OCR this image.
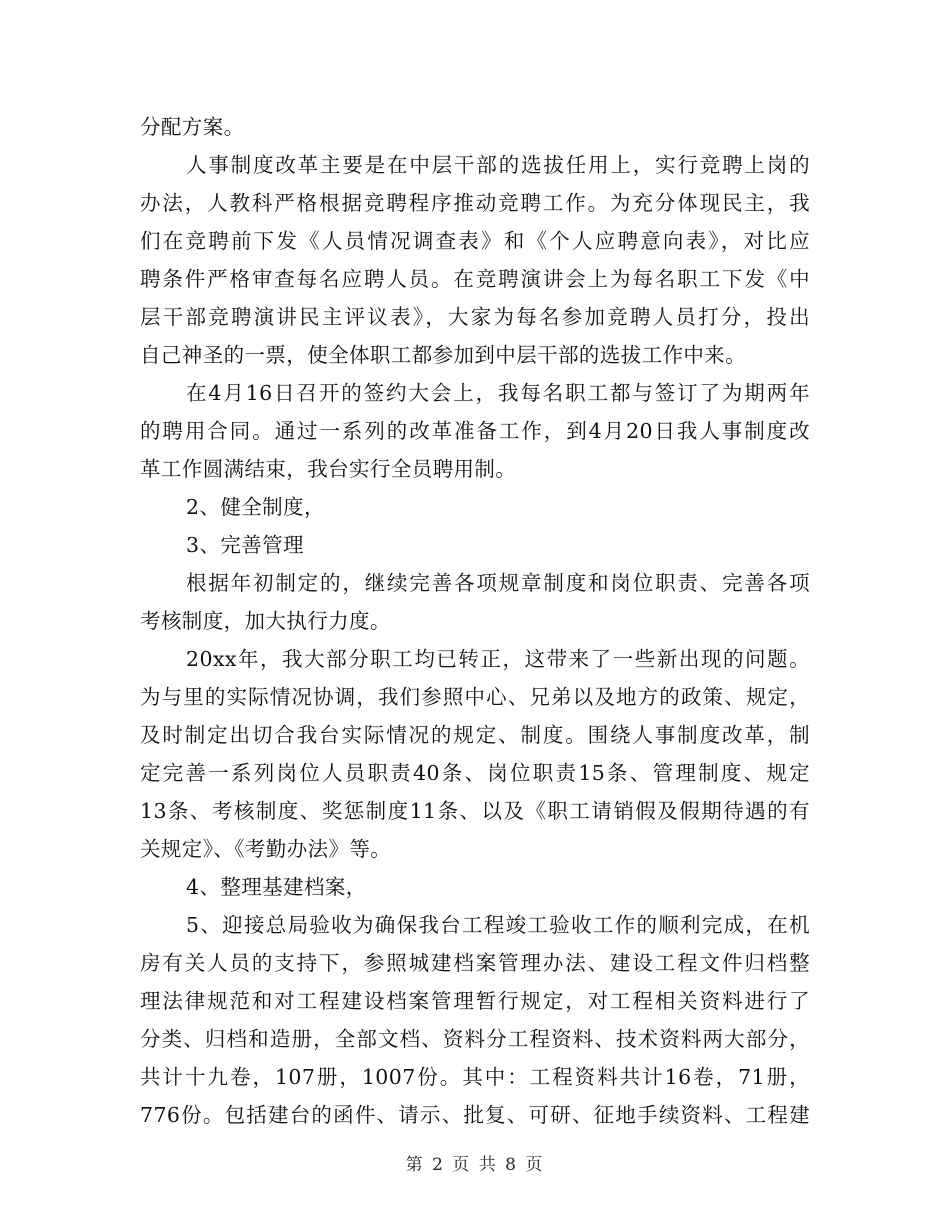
分配方案。
人事制度改革主要是在中层干部的选拔任用上，实行竞聘上岗的
办法，人教科严格根据竞聘程序推动竞聘工作。为充分体现民主，我
们在竞聘前下发《人员情况调查表》和《个人应聘意向表》，对比应
聘条件严格审查每名应聘人员。在竞聘演讲会上为每名职工下发《中
层干部竞聘演讲民主评议表》，大家为每名参加竞聘人员打分，投出
自己神圣的一票，使全体职工都参加到中层干部的选拔工作中来。
在4月16日召开的签约大会上，我每名职工都与签订了为期两年
的聘用合同。通过一系列的改革准备工作，到4月20日我人事制度改
革工作圆满结束，我台实行全员聘用制。
2、健全制度，
3、完善管理
根据年初制定的，继续完善各项规章制度和岗位职责、完善各项
考核制度，加大执行力度。
20xx年，我大部分职工均已转正，这带来了一些新出现的问题。
为与里的实际情况协调，我们参照中心、兄弟以及地方的政策、规定，
及时制定出切合我台实际情况的规定、制度。围绕人事制度改革，制
定完善一系列岗位人员职责40条、岗位职责15条、管理制度、规定
13条、考核制度、奖惩制度11条、以及《职工请销假及假期待遇的有
关规定》、《考勤办法》等。
4、整理基建档案，
5、迎接总局验收为确保我台工程竣工验收工作的顺利完成，在机
房有关人员的支持下，参照城建档案管理办法、建设工程文件归档整
理法律规范和对工程建设档案管理暂行规定，对工程相关资料进行了
分类、归档和造册，全部文档、资料分工程资料、技术资料两大部分，
共计十九卷，107册，1007份。其中：工程资料共计16卷，71册，
776份。包括建台的函件、请示、批复、可研、征地手续资料、工程建
第 2 页 共 8 页
